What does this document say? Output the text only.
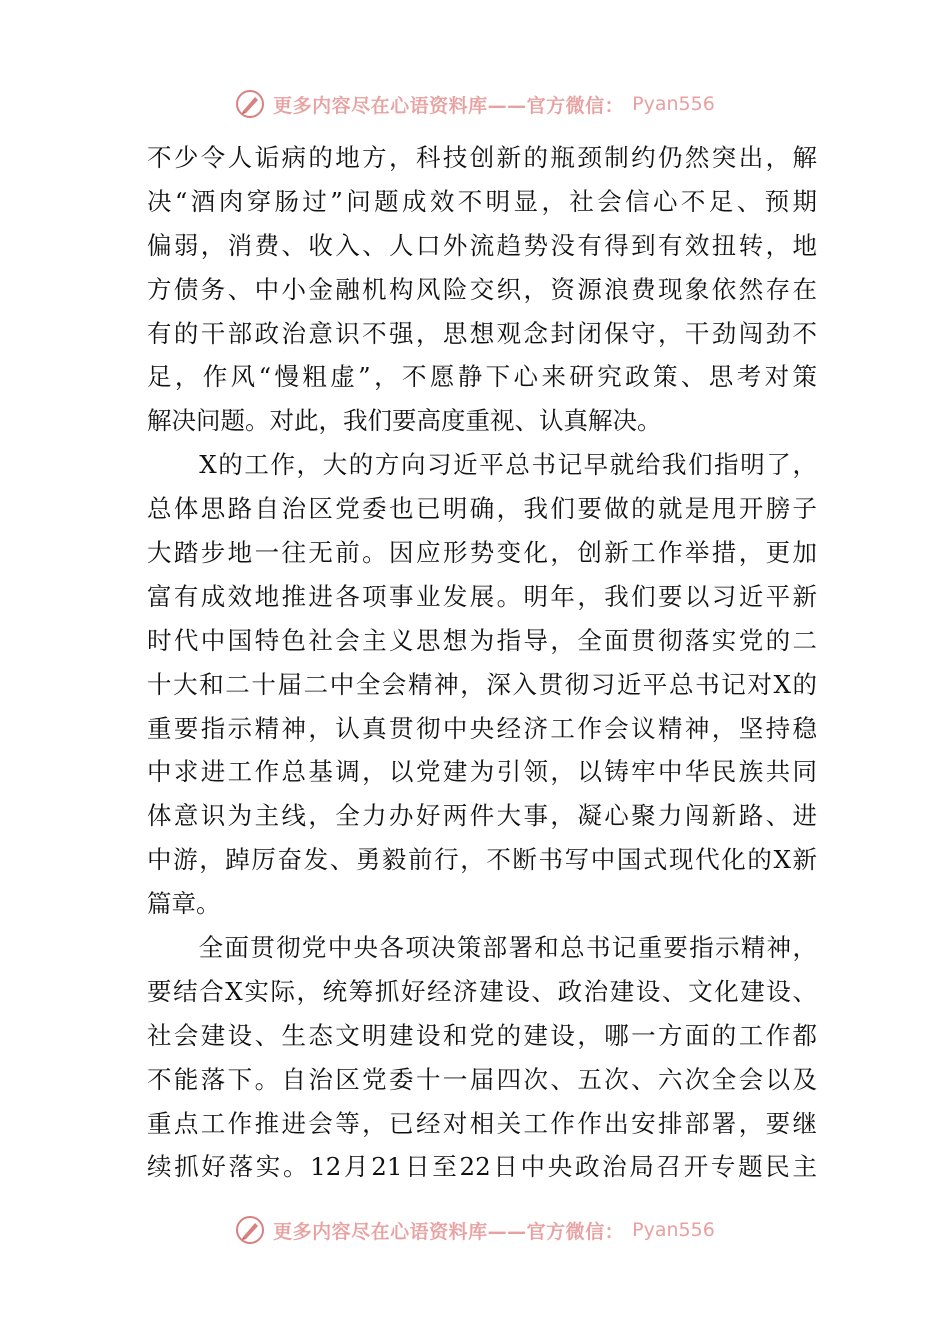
更多内容尽在心语资料库——官方微信： Pyan556
不少令人诟病的地方，科技创新的瓶颈制约仍然突出，解
决“酒肉穿肠过”问题成效不明显，社会信心不足、预期
偏弱，消费、收入、人口外流趋势没有得到有效扭转，地
方债务、中小金融机构风险交织，资源浪费现象依然存在
有的干部政治意识不强，思想观念封闭保守，干劲闯劲不
足，作风“慢粗虚”，不愿静下心来研究政策、思考对策
解决问题。对此，我们要高度重视、认真解决。
　　X的工作，大的方向习近平总书记早就给我们指明了，
总体思路自治区党委也已明确，我们要做的就是甩开膀子
大踏步地一往无前。因应形势变化，创新工作举措，更加
富有成效地推进各项事业发展。明年，我们要以习近平新
时代中国特色社会主义思想为指导，全面贯彻落实党的二
十大和二十届二中全会精神，深入贯彻习近平总书记对X的
重要指示精神，认真贯彻中央经济工作会议精神，坚持稳
中求进工作总基调，以党建为引领，以铸牢中华民族共同
体意识为主线，全力办好两件大事，凝心聚力闯新路、进
中游，踔厉奋发、勇毅前行，不断书写中国式现代化的X新
篇章。
　　全面贯彻党中央各项决策部署和总书记重要指示精神，
要结合X实际，统筹抓好经济建设、政治建设、文化建设、
社会建设、生态文明建设和党的建设，哪一方面的工作都
不能落下。自治区党委十一届四次、五次、六次全会以及
重点工作推进会等，已经对相关工作作出安排部署，要继
续抓好落实。12月21日至22日中央政治局召开专题民主
更多内容尽在心语资料库——官方微信： Pyan556
